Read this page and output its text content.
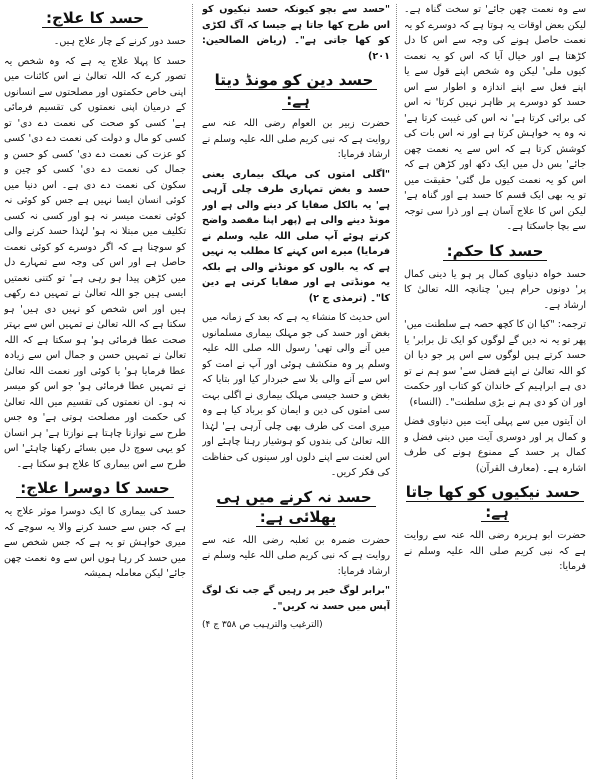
سے وہ نعمت چھن جائے' تو سخت گناہ ہے۔ لیکن بعض اوقات یہ ہوتا ہے کہ دوسرے کو یہ نعمت حاصل ہونے کی وجہ سے اس کا دل کڑھتا ہے اور خیال آیا کہ اس کو یہ نعمت کیوں ملی' لیکن وہ شخص اپنے قول سے یا اپنے فعل سے اپنے اندازہ و اطوار سے اس حسد کو دوسرے پر ظاہر نہیں کرتا' نہ اس کی برائی کرتا ہے' نہ اس کی غیبت کرتا ہے' نہ وہ یہ خواہش کرتا ہے اور نہ اس بات کی کوشش کرتا ہے کہ اس سے یہ نعمت چھن جائے' بس دل میں ایک دکھ اور کڑھن ہے کہ اس کو یہ نعمت کیوں مل گئی' حقیقت میں تو یہ بھی ایک قسم کا حسد ہے اور گناہ ہے' لیکن اس کا علاج آسان ہے اور ذرا سی توجہ سے بچا جاسکتا ہے۔

حسد کا حکم:

حسد خواہ دنیاوی کمال پر ہو یا دینی کمال پر' دونوں حرام ہیں' چنانچہ اللہ تعالیٰ کا ارشاد ہے۔

ترجمہ: "کیا ان کا کچھ حصہ ہے سلطنت میں' پھر تو یہ نہ دیں گے لوگوں کو ایک تل برابر' یا حسد کرتے ہیں لوگوں سے اس پر جو دیا ان کو اللہ تعالیٰ نے اپنے فضل سے' سو ہم نے تو دی ہے ابراہیم کے خاندان کو کتاب اور حکمت اور ان کو دی ہم نے بڑی سلطنت"۔ (النساء)

ان آیتوں میں سے پہلی آیت میں دنیاوی فضل و کمال پر اور دوسری آیت میں دینی فضل و کمال پر حسد کے ممنوع ہونے کی طرف اشارہ ہے۔ (معارف القرآن)

حسد نیکیوں کو کھا جاتا ہے:

حضرت ابو ہریرہ رضی اللہ عنہ سے روایت ہے کہ نبی کریم صلی اللہ علیہ وسلم نے فرمایا:

"حسد سے بچو کیونکہ حسد نیکیوں کو اس طرح کھا جاتا ہے جیسا کہ آگ لکڑی کو کھا جاتی ہے"۔ (ریاض الصالحین: ۲۰۱)

حسد دین کو مونڈ دیتا ہے:

حضرت زبیر بن العوام رضی اللہ عنہ سے روایت ہے کہ نبی کریم صلی اللہ علیہ وسلم نے ارشاد فرمایا:

"اگلی امتوں کی مہلک بیماری یعنی حسد و بغض تمہاری طرف چلی آرہی ہے' یہ بالکل صفایا کر دینے والی ہے اور مونڈ دینے والی ہے (پھر اپنا مقصد واضح کرتے ہوئے آپ صلی اللہ علیہ وسلم نے فرمایا) میرے اس کہنے کا مطلب یہ نہیں ہے کہ یہ بالوں کو مونڈنے والی ہے بلکہ یہ مونڈتی ہے اور صفایا کرتی ہے دین کا"۔ (ترمذی ج ۲)

اس حدیث کا منشاء یہ ہے کہ بعد کے زمانہ میں بغض اور حسد کی جو مہلک بیماری مسلمانوں میں آنے والی تھی' رسول اللہ صلی اللہ علیہ وسلم پر وہ منکشف ہوئی اور آپ نے امت کو اس سے آنے والی بلا سے خبردار کیا اور بتایا کہ بغض و حسد جیسی مہلک بیماری نے اگلی بہت سی امتوں کی دین و ایمان کو برباد کیا ہے وہ میری امت کی طرف بھی چلی آرہی ہے' لہٰذا اللہ تعالیٰ کی بندوں کو ہوشیار رہنا چاہئے اور اس لعنت سے اپنے دلوں اور سینوں کی حفاظت کی فکر کریں۔

حسد نہ کرنے میں ہی بھلائی ہے:

حضرت ضمرہ بن ثعلبہ رضی اللہ عنہ سے روایت ہے کہ نبی کریم صلی اللہ علیہ وسلم نے ارشاد فرمایا:

"برابر لوگ خیر پر رہیں گے جب تک لوگ آپس میں حسد نہ کریں"۔

(الترغیب والترہیب ص ۳۵۸ ج ۴)

حسد کا علاج:

حسد دور کرنے کے چار علاج ہیں۔

حسد کا پہلا علاج یہ ہے کہ وہ شخص یہ تصور کرے کہ اللہ تعالیٰ نے اس کائنات میں اپنی خاص حکمتوں اور مصلحتوں سے انسانوں کے درمیان اپنی نعمتوں کی تقسیم فرمائی ہے' کسی کو صحت کی نعمت دے دی' تو کسی کو مال و دولت کی نعمت دے دی' کسی کو عزت کی نعمت دے دی' کسی کو حسن و جمال کی نعمت دے دی' کسی کو چین و سکون کی نعمت دے دی ہے۔ اس دنیا میں کوئی انسان ایسا نہیں ہے جس کو کوئی نہ کوئی نعمت میسر نہ ہو اور کسی نہ کسی تکلیف میں مبتلا نہ ہو' لہٰذا حسد کرنے والی کو سوچنا ہے کہ اگر دوسرے کو کوئی نعمت حاصل ہے اور اس کی وجہ سے تمہارے دل میں کڑھن پیدا ہو رہی ہے' تو کتنی نعمتیں ایسی ہیں جو اللہ تعالیٰ نے تمہیں دے رکھی ہیں اور اس شخص کو نہیں دی ہیں' ہو سکتا ہے کہ اللہ تعالیٰ نے تمہیں اس سے بہتر صحت عطا فرمائی ہو' ہو سکتا ہے کہ اللہ تعالیٰ نے تمہیں حسن و جمال اس سے زیادہ عطا فرمایا ہو' یا کوئی اور نعمت اللہ تعالیٰ نے تمہیں عطا فرمائی ہو' جو اس کو میسر نہ ہو۔ ان نعمتوں کی تقسیم میں اللہ تعالیٰ کی حکمت اور مصلحت ہوتی ہے' وہ جس طرح سے نوازنا چاہتا ہے نوازتا ہے' ہر انسان کو یہی سوچ دل میں بسائے رکھنا چاہئے' اس طرح سے اس بیماری کا علاج ہو سکتا ہے۔

حسد کا دوسرا علاج:

حسد کی بیماری کا ایک دوسرا موثر علاج یہ ہے کہ جس سے حسد کرنے والا یہ سوچے کہ میری خواہش تو یہ ہے کہ جس شخص سے میں حسد کر رہا ہوں اس سے وہ نعمت چھن جائے' لیکن معاملہ ہمیشہ
